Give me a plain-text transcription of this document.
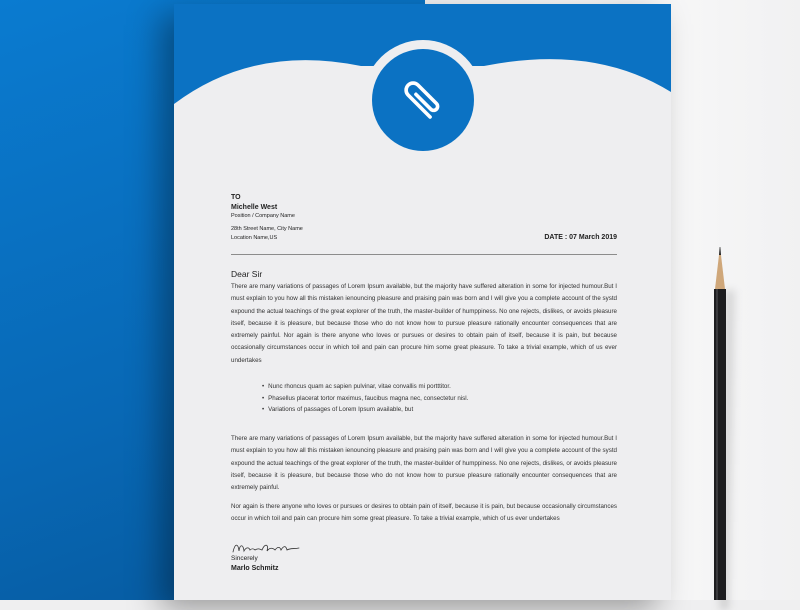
TO
Michelle West
Position / Company Name
28th Street Name, City Name
Location Name,US	DATE : 07 March 2019
Dear Sir

There are many variations of passages of Lorem Ipsum available, but the majority have suffered alteration in some for injected humour.But I must explain to you how all this mistaken ienouncing pleasure and praising pain was born and I will give you a complete account of the systd expound the actual teachings of the great explorer of the truth, the master-builder of humppiness. No one rejects, dislikes, or avoids pleasure itself, because it is pleasure, but because those who do not know how to pursue pleasure rationally encounter consequences that are extremely painful. Nor again is there anyone who loves or pursues or desires to obtain pain of itself, because it is pain, but because occasionally circumstances occur in which toil and pain can procure him some great pleasure. To take a trivial example, which of us ever undertakes

• Nunc rhoncus quam ac sapien pulvinar, vitae convallis mi portttitor.
• Phasellus placerat tortor maximus, faucibus magna nec, consectetur nisl.
• Variations of passages of Lorem Ipsum available, but

There are many variations of passages of Lorem Ipsum available, but the majority have suffered alteration in some for injected humour.But I must explain to you how all this mistaken ienouncing pleasure and praising pain was born and I will give you a complete account of the systd expound the actual teachings of the great explorer of the truth, the master-builder of humppiness. No one rejects, dislikes, or avoids pleasure itself, because it is pleasure, but because those who do not know how to pursue pleasure rationally encounter consequences that are extremely painful.

Nor again is there anyone who loves or pursues or desires to obtain pain of itself, because it is pain, but because occasionally circumstances occur in which toil and pain can procure him some great pleasure. To take a trivial example, which of us ever undertakes

Marlo Schmitz
Sincerely
Marlo Schmitz
